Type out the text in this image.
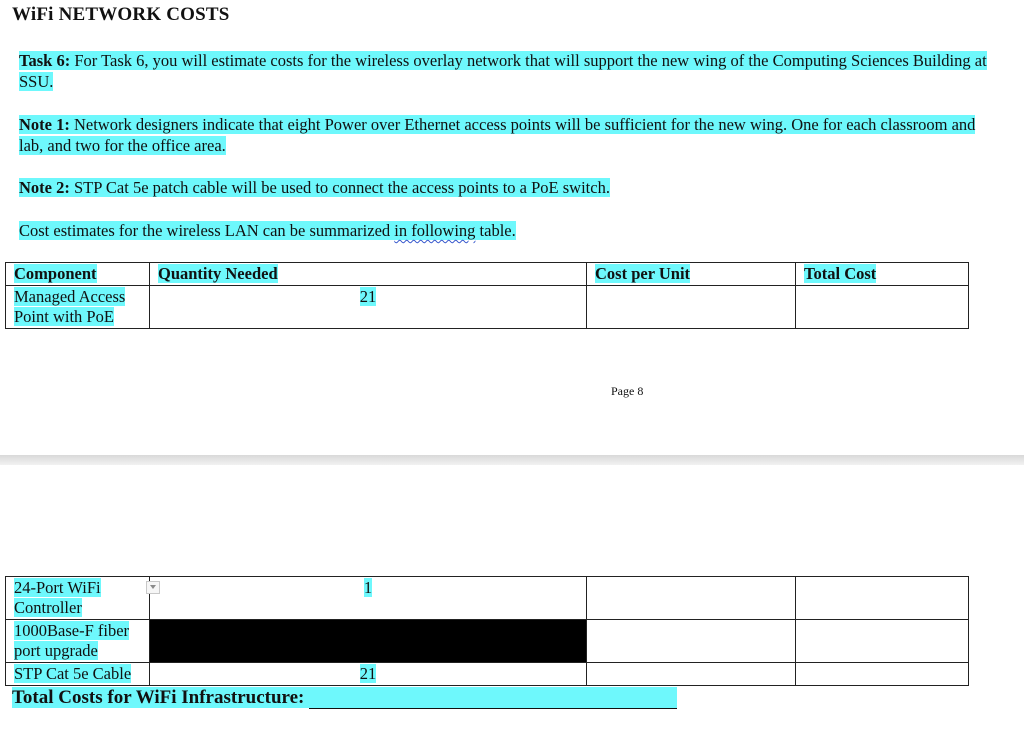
WiFi NETWORK COSTS
Task 6: For Task 6, you will estimate costs for the wireless overlay network that will support the new wing of the Computing Sciences Building at SSU.
Note 1: Network designers indicate that eight Power over Ethernet access points will be sufficient for the new wing. One for each classroom and lab, and two for the office area.
Note 2: STP Cat 5e patch cable will be used to connect the access points to a PoE switch.
Cost estimates for the wireless LAN can be summarized in following table.
Component	Quantity Needed	Cost per Unit	Total Cost
Managed Access Point with PoE	21		
Page 8
24-Port WiFi Controller	1		
1000Base-F fiber port upgrade			
STP Cat 5e Cable	21		
Total Costs for WiFi Infrastructure:
